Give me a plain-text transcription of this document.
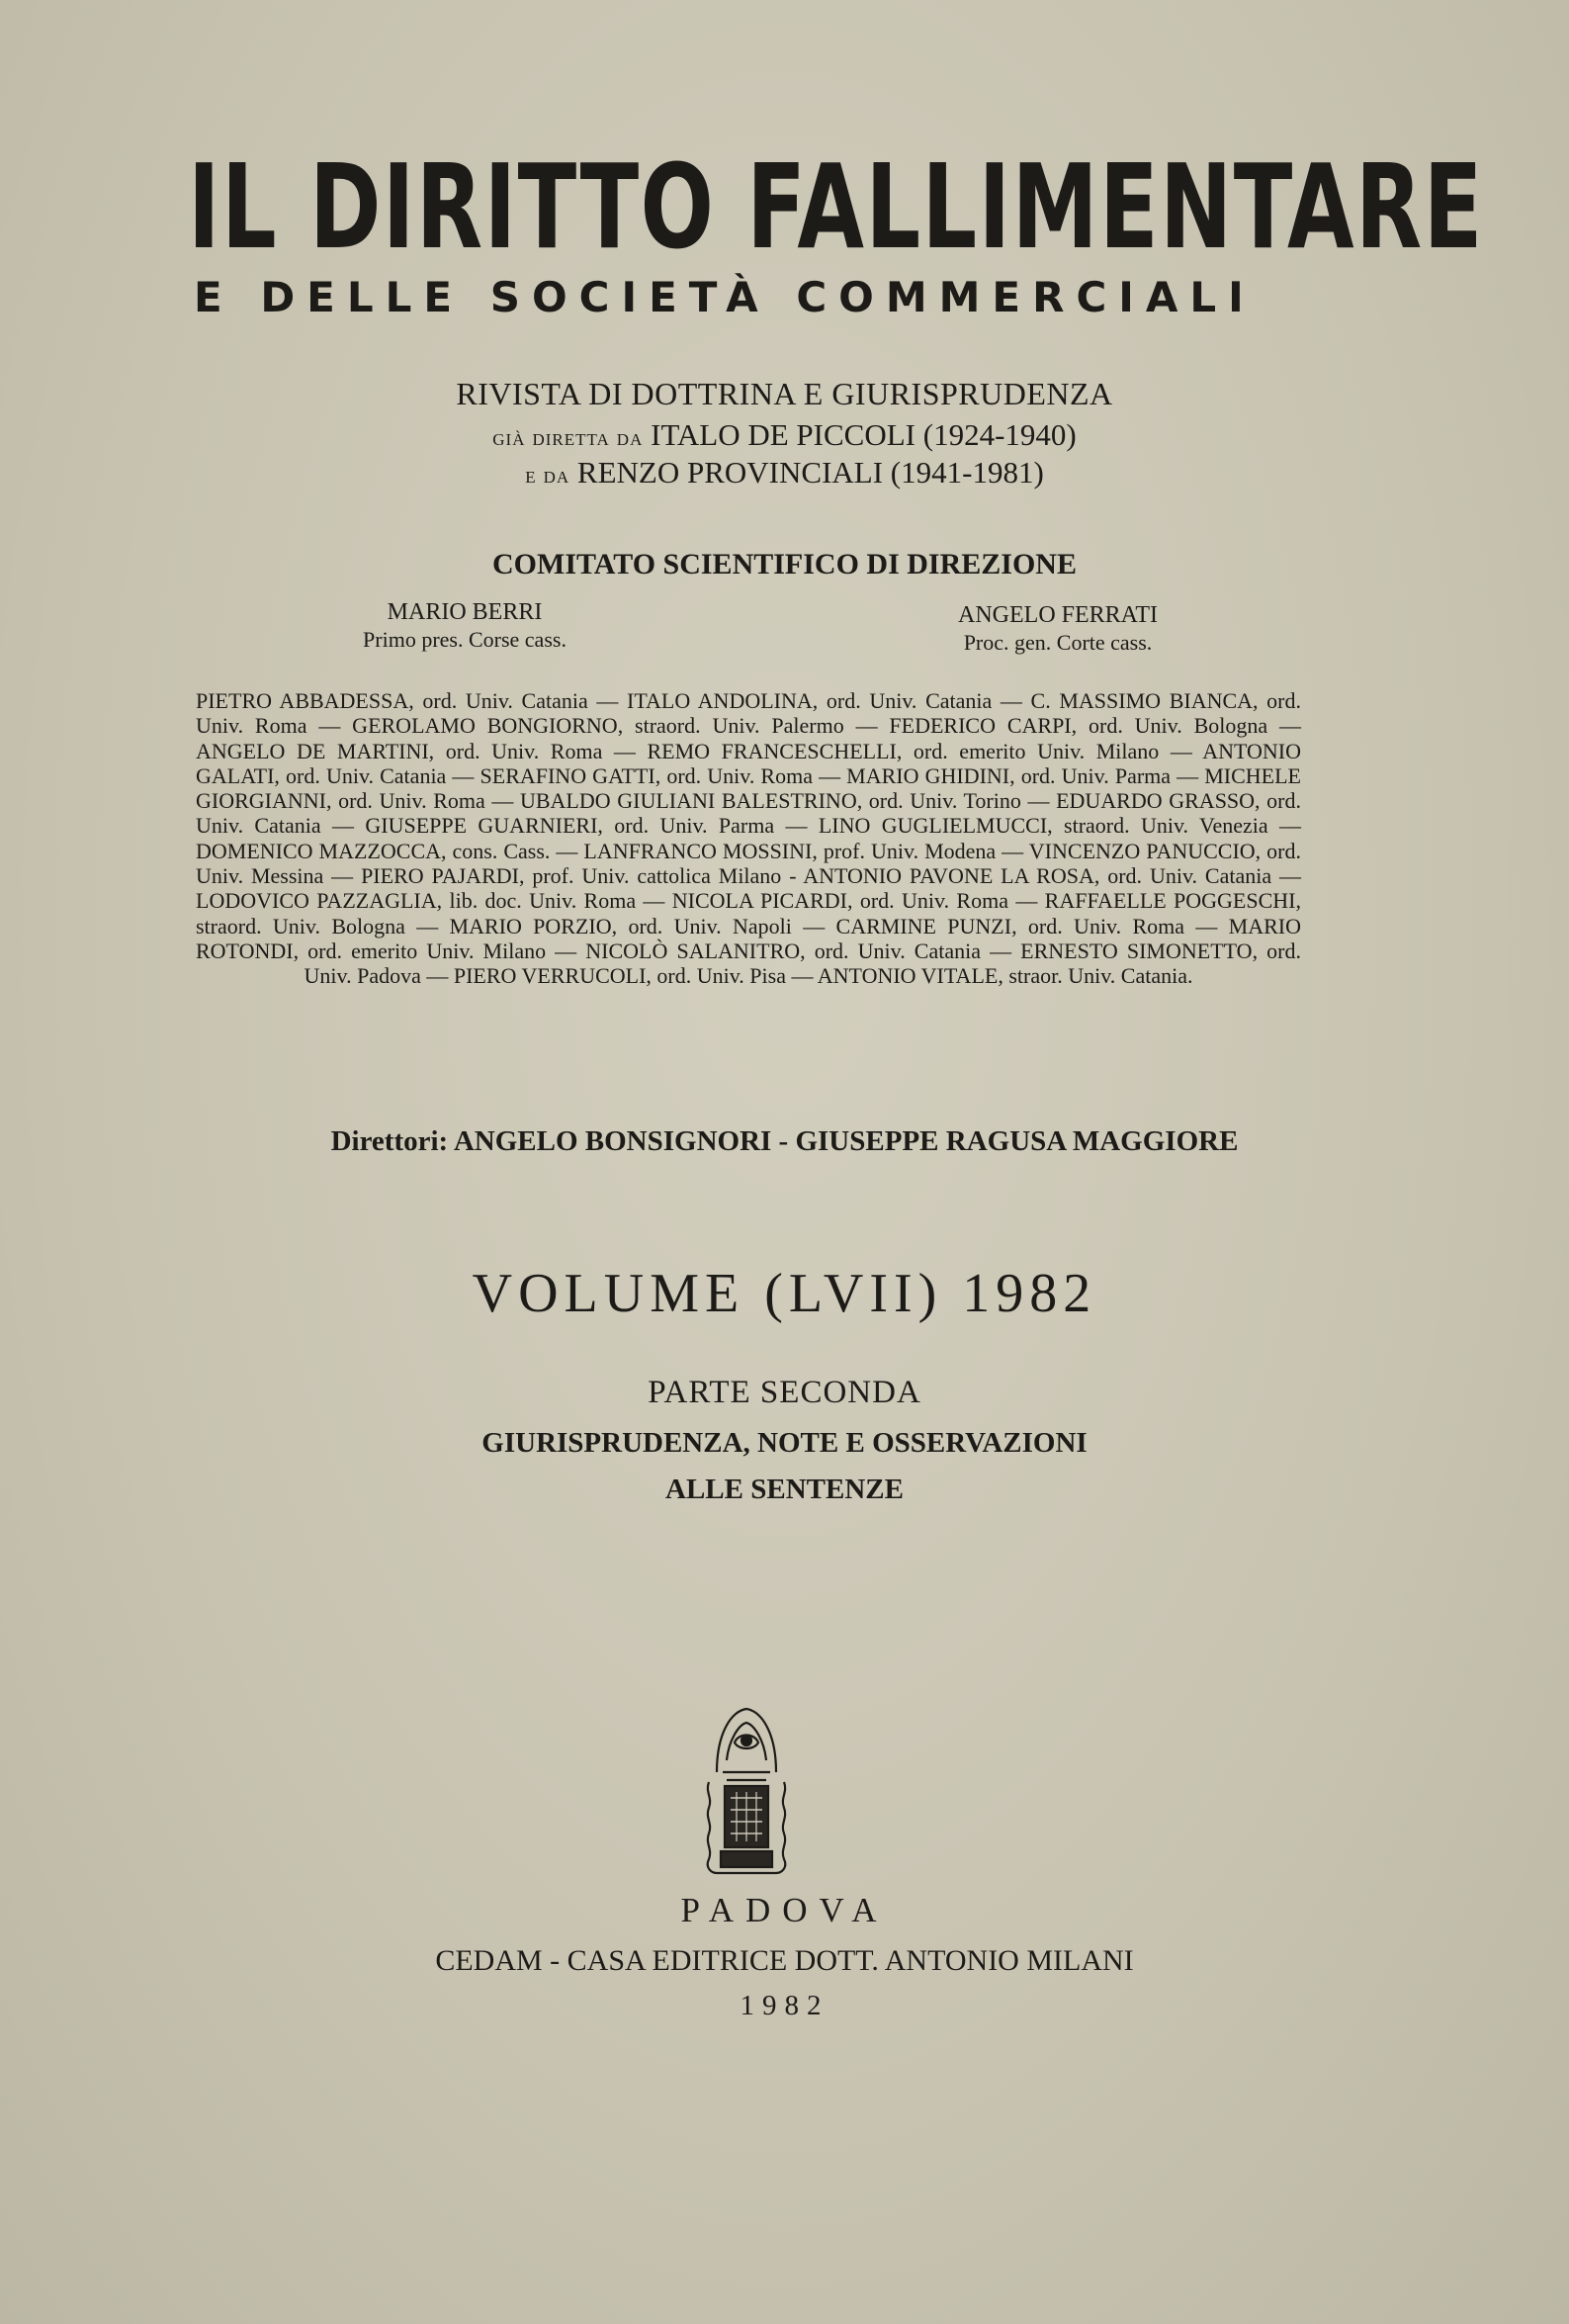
IL DIRITTO FALLIMENTARE
E DELLE SOCIETÀ COMMERCIALI
RIVISTA DI DOTTRINA E GIURISPRUDENZA
già diretta da ITALO DE PICCOLI (1924-1940)
e da RENZO PROVINCIALI (1941-1981)
COMITATO SCIENTIFICO DI DIREZIONE
MARIO BERRI
Primo pres. Corse cass.
ANGELO FERRATI
Proc. gen. Corte cass.
PIETRO ABBADESSA, ord. Univ. Catania — ITALO ANDOLINA, ord. Univ. Catania — C. MASSIMO BIANCA, ord. Univ. Roma — GEROLAMO BONGIORNO, straord. Univ. Palermo — FEDERICO CARPI, ord. Univ. Bologna — ANGELO DE MARTINI, ord. Univ. Roma — REMO FRANCESCHELLI, ord. emerito Univ. Milano — ANTONIO GALATI, ord. Univ. Catania — SERAFINO GATTI, ord. Univ. Roma — MARIO GHIDINI, ord. Univ. Parma — MICHELE GIORGIANNI, ord. Univ. Roma — UBALDO GIULIANI BALESTRINO, ord. Univ. Torino — EDUARDO GRASSO, ord. Univ. Catania — GIUSEPPE GUARNIERI, ord. Univ. Parma — LINO GUGLIELMUCCI, straord. Univ. Venezia — DOMENICO MAZZOCCA, cons. Cass. — LANFRANCO MOSSINI, prof. Univ. Modena — VINCENZO PANUCCIO, ord. Univ. Messina — PIERO PAJARDI, prof. Univ. cattolica Milano - ANTONIO PAVONE LA ROSA, ord. Univ. Catania — LODOVICO PAZZAGLIA, lib. doc. Univ. Roma — NICOLA PICARDI, ord. Univ. Roma — RAFFAELLE POGGESCHI, straord. Univ. Bologna — MARIO PORZIO, ord. Univ. Napoli — CARMINE PUNZI, ord. Univ. Roma — MARIO ROTONDI, ord. emerito Univ. Milano — NICOLÒ SALANITRO, ord. Univ. Catania — ERNESTO SIMONETTO, ord. Univ. Padova — PIERO VERRUCOLI, ord. Univ. Pisa — ANTONIO VITALE, straor. Univ. Catania.
Direttori: ANGELO BONSIGNORI - GIUSEPPE RAGUSA MAGGIORE
VOLUME (LVII) 1982
PARTE SECONDA
GIURISPRUDENZA, NOTE E OSSERVAZIONI
ALLE SENTENZE
PADOVA
CEDAM - CASA EDITRICE DOTT. ANTONIO MILANI
1982
